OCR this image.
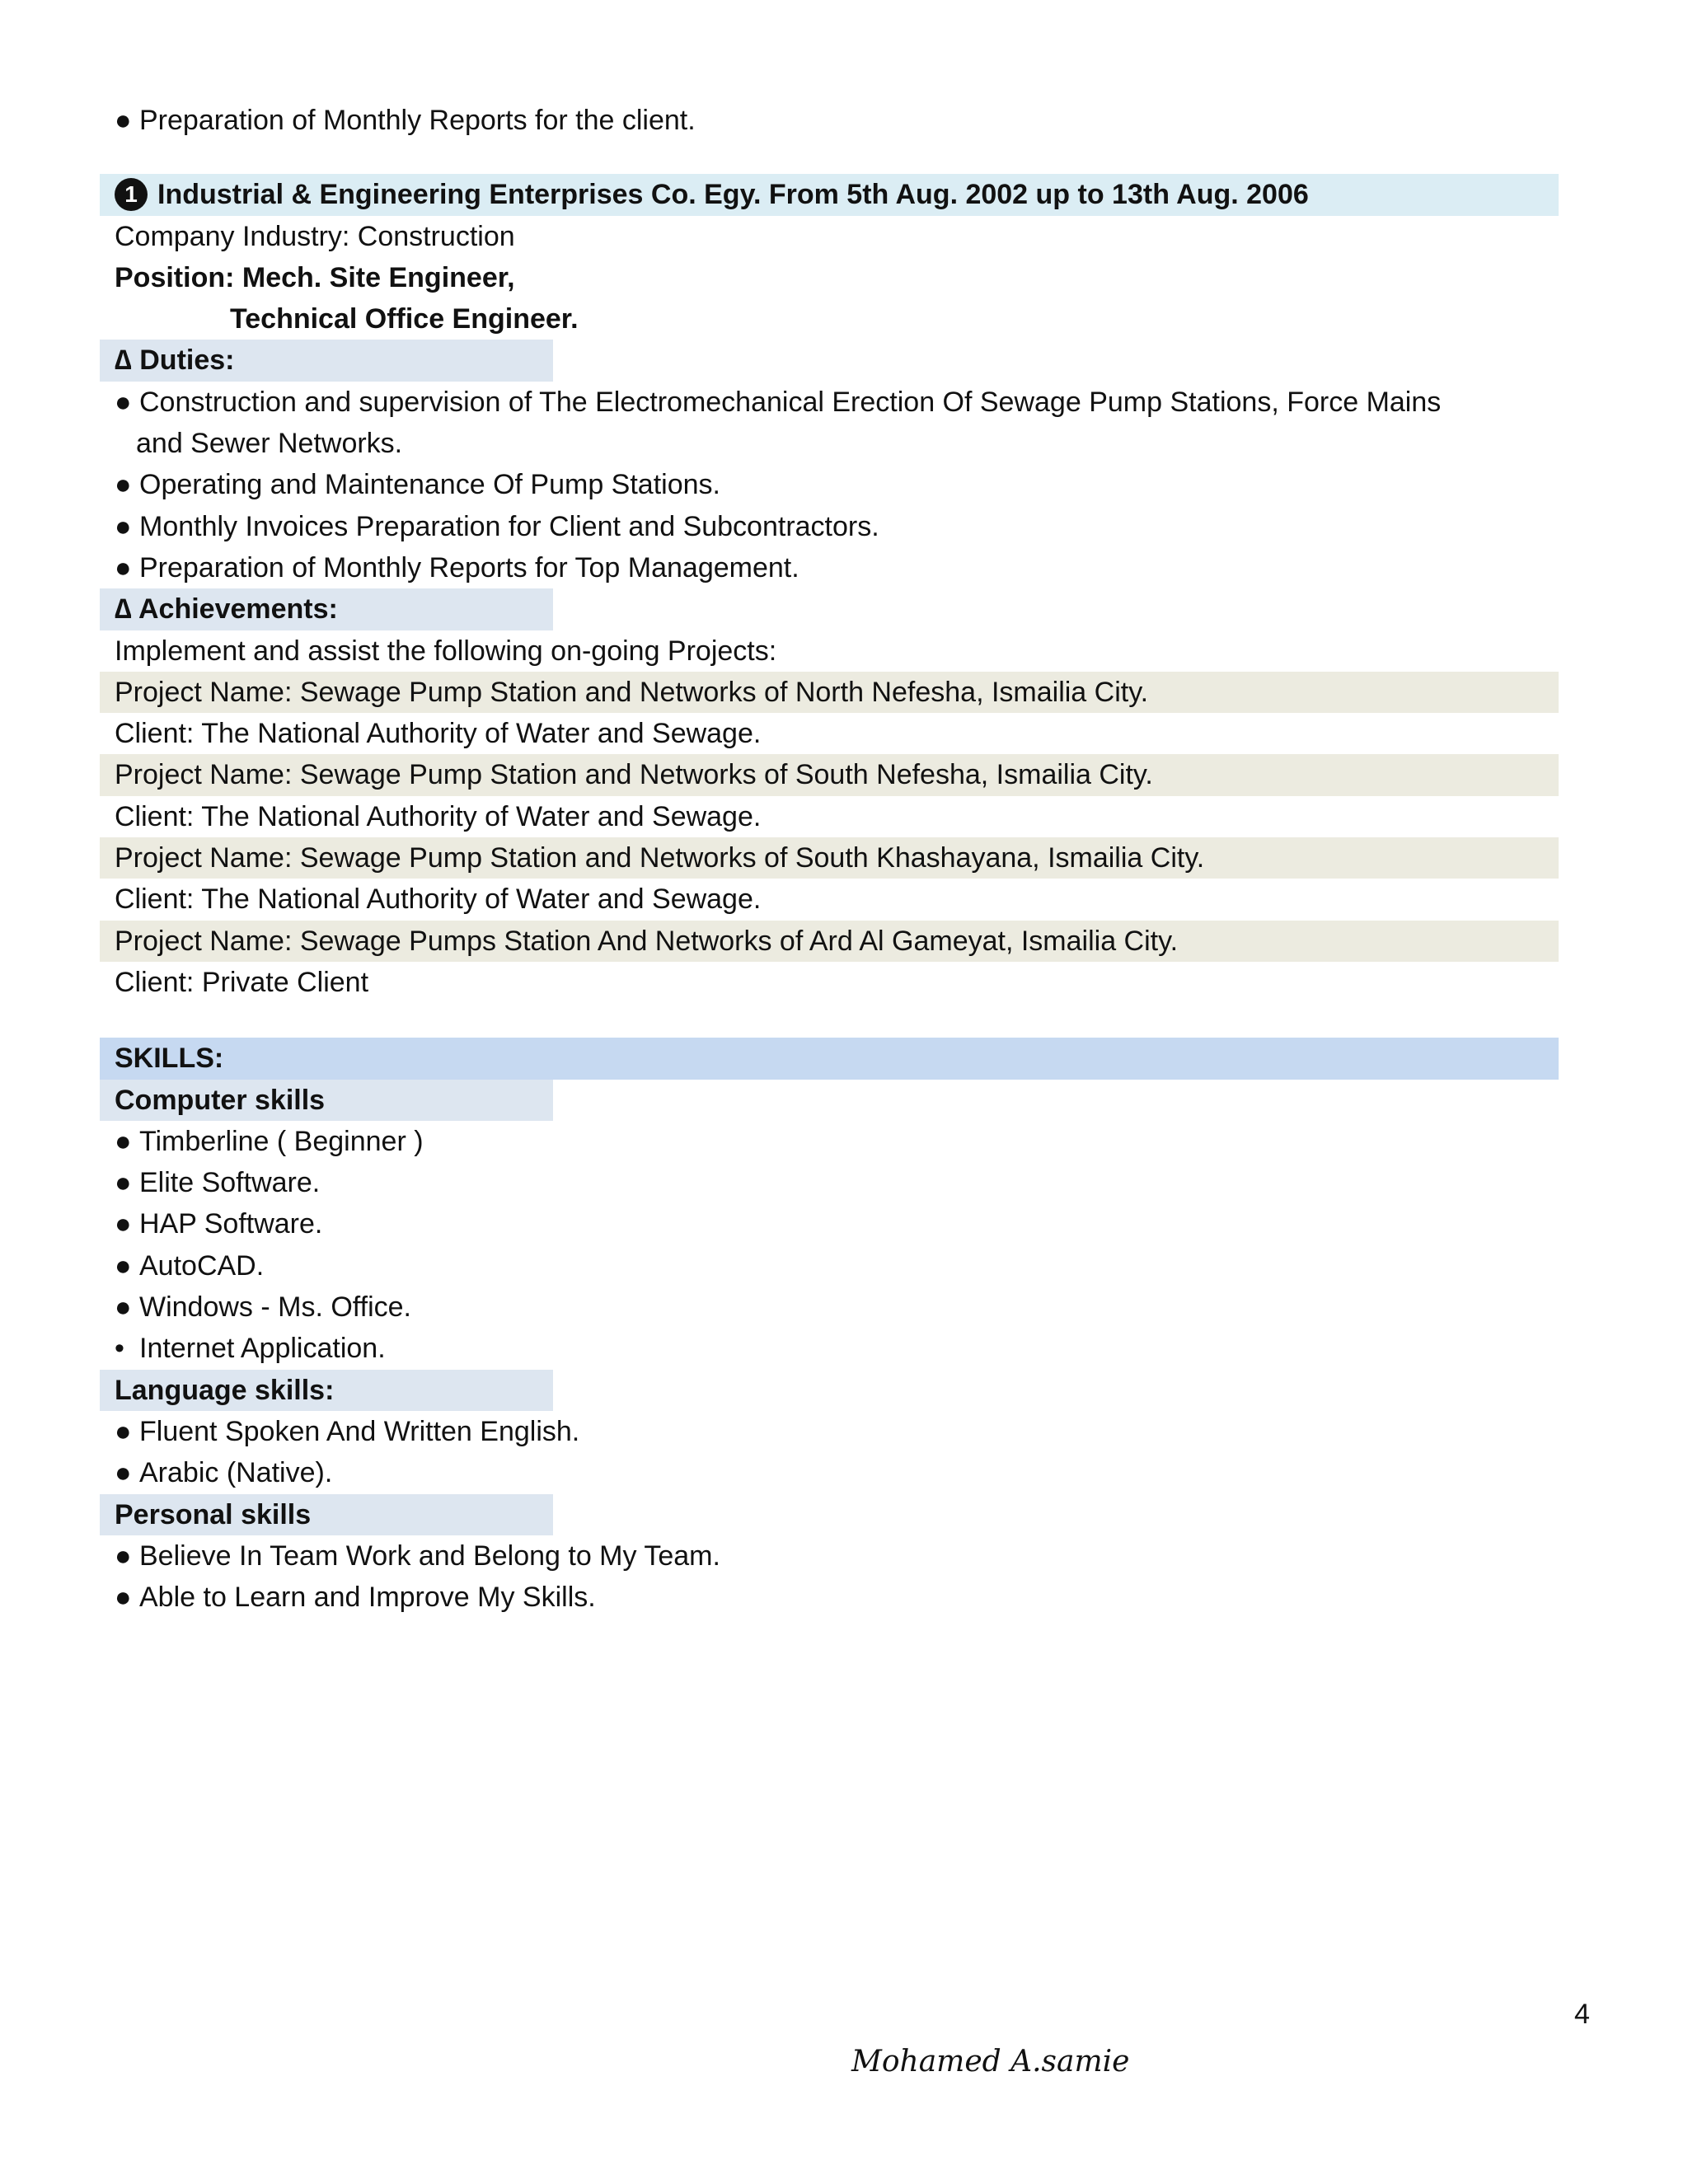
● Preparation of Monthly Reports for the client.
1 Industrial & Engineering Enterprises Co. Egy. From 5th Aug. 2002 up to 13th Aug. 2006
Company Industry: Construction
Position: Mech. Site Engineer,
Technical Office Engineer.
∆ Duties:
● Construction and supervision of The Electromechanical Erection Of Sewage Pump Stations, Force Mains
and Sewer Networks.
● Operating and Maintenance Of Pump Stations.
● Monthly Invoices Preparation for Client and Subcontractors.
● Preparation of Monthly Reports for Top Management.
∆ Achievements:
Implement and assist the following on-going Projects:
Project Name: Sewage Pump Station and Networks of North Nefesha, Ismailia City.
Client: The National Authority of Water and Sewage.
Project Name: Sewage Pump Station and Networks of South Nefesha, Ismailia City.
Client: The National Authority of Water and Sewage.
Project Name: Sewage Pump Station and Networks of South Khashayana, Ismailia City.
Client: The National Authority of Water and Sewage.
Project Name: Sewage Pumps Station And Networks of Ard Al Gameyat, Ismailia City.
Client: Private Client
SKILLS:
Computer skills
● Timberline ( Beginner )
● Elite Software.
● HAP Software.
● AutoCAD.
● Windows - Ms. Office.
• Internet Application.
Language skills:
● Fluent Spoken And Written English.
● Arabic (Native).
Personal skills
● Believe In Team Work and Belong to My Team.
● Able to Learn and Improve My Skills.
4
Mohamed A.samie
